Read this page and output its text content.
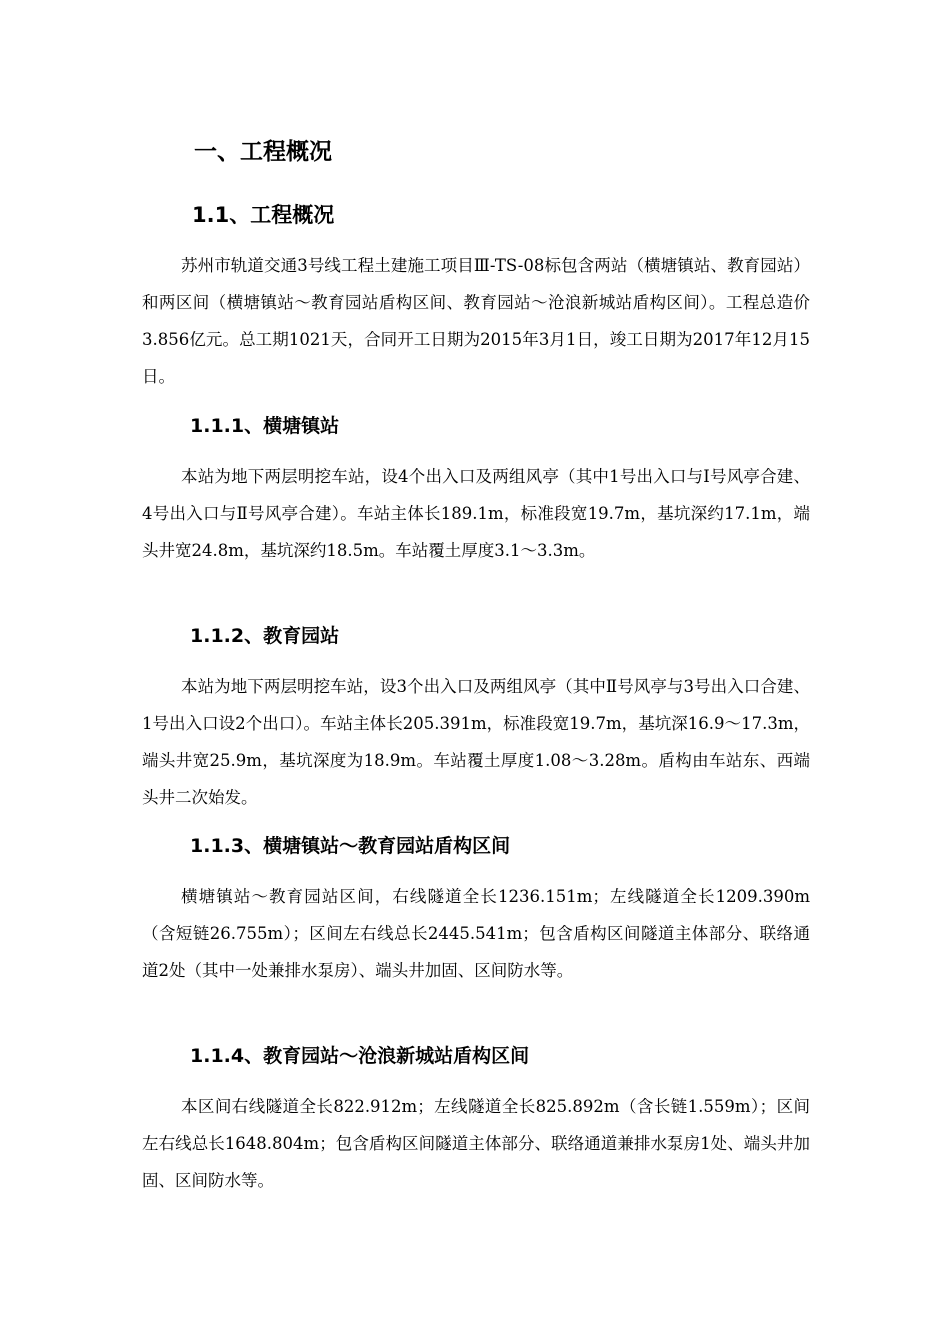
一、工程概况
1.1、工程概况

苏州市轨道交通3号线工程土建施工项目Ⅲ-TS-08标包含两站（横塘镇站、教育园站）和两区间（横塘镇站～教育园站盾构区间、教育园站～沧浪新城站盾构区间）。工程总造价3.856亿元。总工期1021天，合同开工日期为2015年3月1日，竣工日期为2017年12月15日。

1.1.1、横塘镇站

本站为地下两层明挖车站，设4个出入口及两组风亭（其中1号出入口与Ⅰ号风亭合建、4号出入口与Ⅱ号风亭合建）。车站主体长189.1m，标准段宽19.7m，基坑深约17.1m，端头井宽24.8m，基坑深约18.5m。车站覆土厚度3.1～3.3m。

1.1.2、教育园站

本站为地下两层明挖车站，设3个出入口及两组风亭（其中Ⅱ号风亭与3号出入口合建、1号出入口设2个出口）。车站主体长205.391m，标准段宽19.7m，基坑深16.9～17.3m，端头井宽25.9m，基坑深度为18.9m。车站覆土厚度1.08～3.28m。盾构由车站东、西端头井二次始发。

1.1.3、横塘镇站～教育园站盾构区间

横塘镇站～教育园站区间，右线隧道全长1236.151m；左线隧道全长1209.390m（含短链26.755m）；区间左右线总长2445.541m；包含盾构区间隧道主体部分、联络通道2处（其中一处兼排水泵房）、端头井加固、区间防水等。

1.1.4、教育园站～沧浪新城站盾构区间

本区间右线隧道全长822.912m；左线隧道全长825.892m（含长链1.559m）；区间左右线总长1648.804m；包含盾构区间隧道主体部分、联络通道兼排水泵房1处、端头井加固、区间防水等。
